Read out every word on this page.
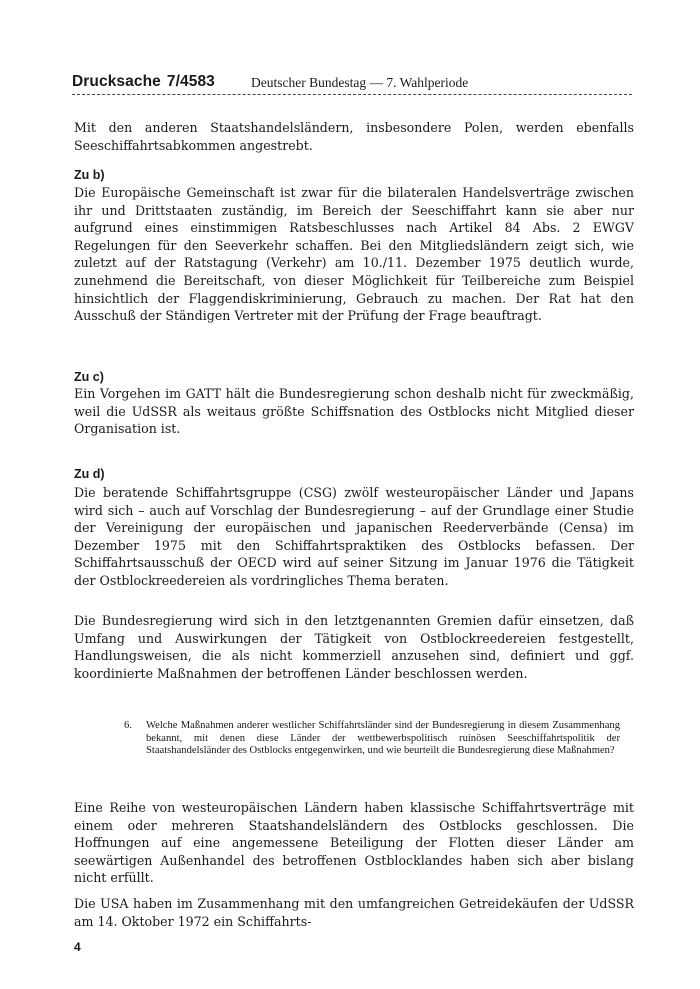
Drucksache 7/4583	Deutscher Bundestag — 7. Wahlperiode

Mit den anderen Staatshandelsländern, insbesondere Polen, werden ebenfalls Seeschiffahrtsabkommen angestrebt.

Zu b)

Die Europäische Gemeinschaft ist zwar für die bilateralen Handelsverträge zwischen ihr und Drittstaaten zuständig, im Bereich der Seeschiffahrt kann sie aber nur aufgrund eines einstimmigen Ratsbeschlusses nach Artikel 84 Abs. 2 EWGV Regelungen für den Seeverkehr schaffen. Bei den Mitgliedsländern zeigt sich, wie zuletzt auf der Ratstagung (Verkehr) am 10./11. Dezember 1975 deutlich wurde, zunehmend die Bereitschaft, von dieser Möglichkeit für Teilbereiche zum Beispiel hinsichtlich der Flaggendiskriminierung, Gebrauch zu machen. Der Rat hat den Ausschuß der Ständigen Vertreter mit der Prüfung der Frage beauftragt.

Zu c)

Ein Vorgehen im GATT hält die Bundesregierung schon deshalb nicht für zweckmäßig, weil die UdSSR als weitaus größte Schiffsnation des Ostblocks nicht Mitglied dieser Organisation ist.

Zu d)

Die beratende Schiffahrtsgruppe (CSG) zwölf westeuropäischer Länder und Japans wird sich – auch auf Vorschlag der Bundesregierung – auf der Grundlage einer Studie der Vereinigung der europäischen und japanischen Reederverbände (Censa) im Dezember 1975 mit den Schiffahrtspraktiken des Ostblocks befassen. Der Schiffahrtsausschuß der OECD wird auf seiner Sitzung im Januar 1976 die Tätigkeit der Ostblockreedereien als vordringliches Thema beraten.

Die Bundesregierung wird sich in den letztgenannten Gremien dafür einsetzen, daß Umfang und Auswirkungen der Tätigkeit von Ostblockreedereien festgestellt, Handlungsweisen, die als nicht kommerziell anzusehen sind, definiert und ggf. koordinierte Maßnahmen der betroffenen Länder beschlossen werden.

6.	Welche Maßnahmen anderer westlicher Schiffahrtsländer sind der Bundesregierung in diesem Zusammenhang bekannt, mit denen diese Länder der wettbewerbspolitisch ruinösen Seeschiffahrtspolitik der Staatshandelsländer des Ostblocks entgegenwirken, und wie beurteilt die Bundesregierung diese Maßnahmen?

Eine Reihe von westeuropäischen Ländern haben klassische Schiffahrtsverträge mit einem oder mehreren Staatshandelsländern des Ostblocks geschlossen. Die Hoffnungen auf eine angemessene Beteiligung der Flotten dieser Länder am seewärtigen Außenhandel des betroffenen Ostblocklandes haben sich aber bislang nicht erfüllt.

Die USA haben im Zusammenhang mit den umfangreichen Getreidekäufen der UdSSR am 14. Oktober 1972 ein Schiffahrts-

4
